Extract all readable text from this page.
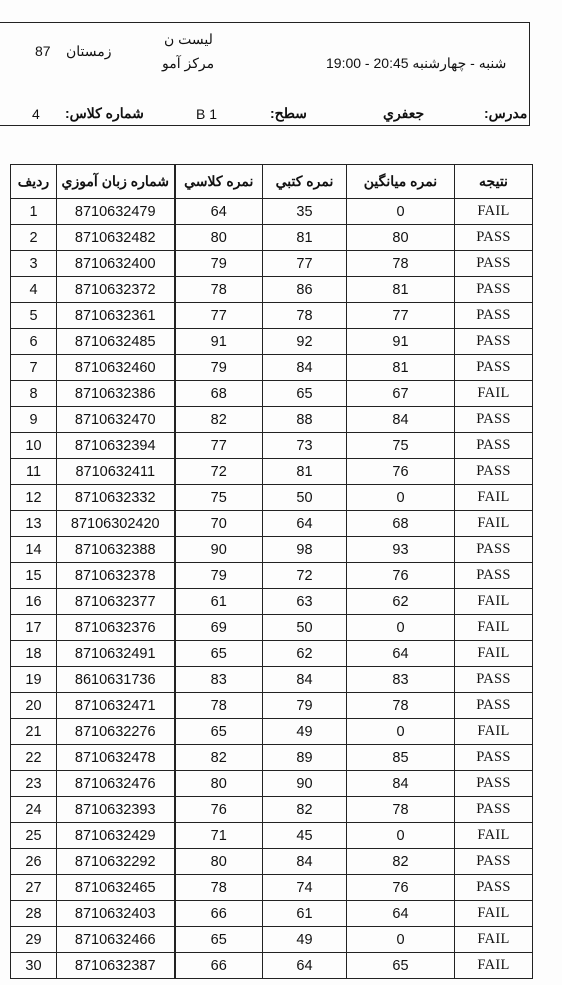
لیست ن
87 زمستان
مرکز آمو	شنبه - چهارشنبه 20:45 - 19:00
4 شماره كلاس:	B 1	سطح:	جعفري	مدرس:
رديف	شماره زبان آموزي	نمره كلاسي	نمره كتبي	نمره ميانگين	نتيجه
1	8710632479	64	35	0	FAIL
2	8710632482	80	81	80	PASS
3	8710632400	79	77	78	PASS
4	8710632372	78	86	81	PASS
5	8710632361	77	78	77	PASS
6	8710632485	91	92	91	PASS
7	8710632460	79	84	81	PASS
8	8710632386	68	65	67	FAIL
9	8710632470	82	88	84	PASS
10	8710632394	77	73	75	PASS
11	8710632411	72	81	76	PASS
12	8710632332	75	50	0	FAIL
13	87106302420	70	64	68	FAIL
14	8710632388	90	98	93	PASS
15	8710632378	79	72	76	PASS
16	8710632377	61	63	62	FAIL
17	8710632376	69	50	0	FAIL
18	8710632491	65	62	64	FAIL
19	8610631736	83	84	83	PASS
20	8710632471	78	79	78	PASS
21	8710632276	65	49	0	FAIL
22	8710632478	82	89	85	PASS
23	8710632476	80	90	84	PASS
24	8710632393	76	82	78	PASS
25	8710632429	71	45	0	FAIL
26	8710632292	80	84	82	PASS
27	8710632465	78	74	76	PASS
28	8710632403	66	61	64	FAIL
29	8710632466	65	49	0	FAIL
30	8710632387	66	64	65	FAIL
